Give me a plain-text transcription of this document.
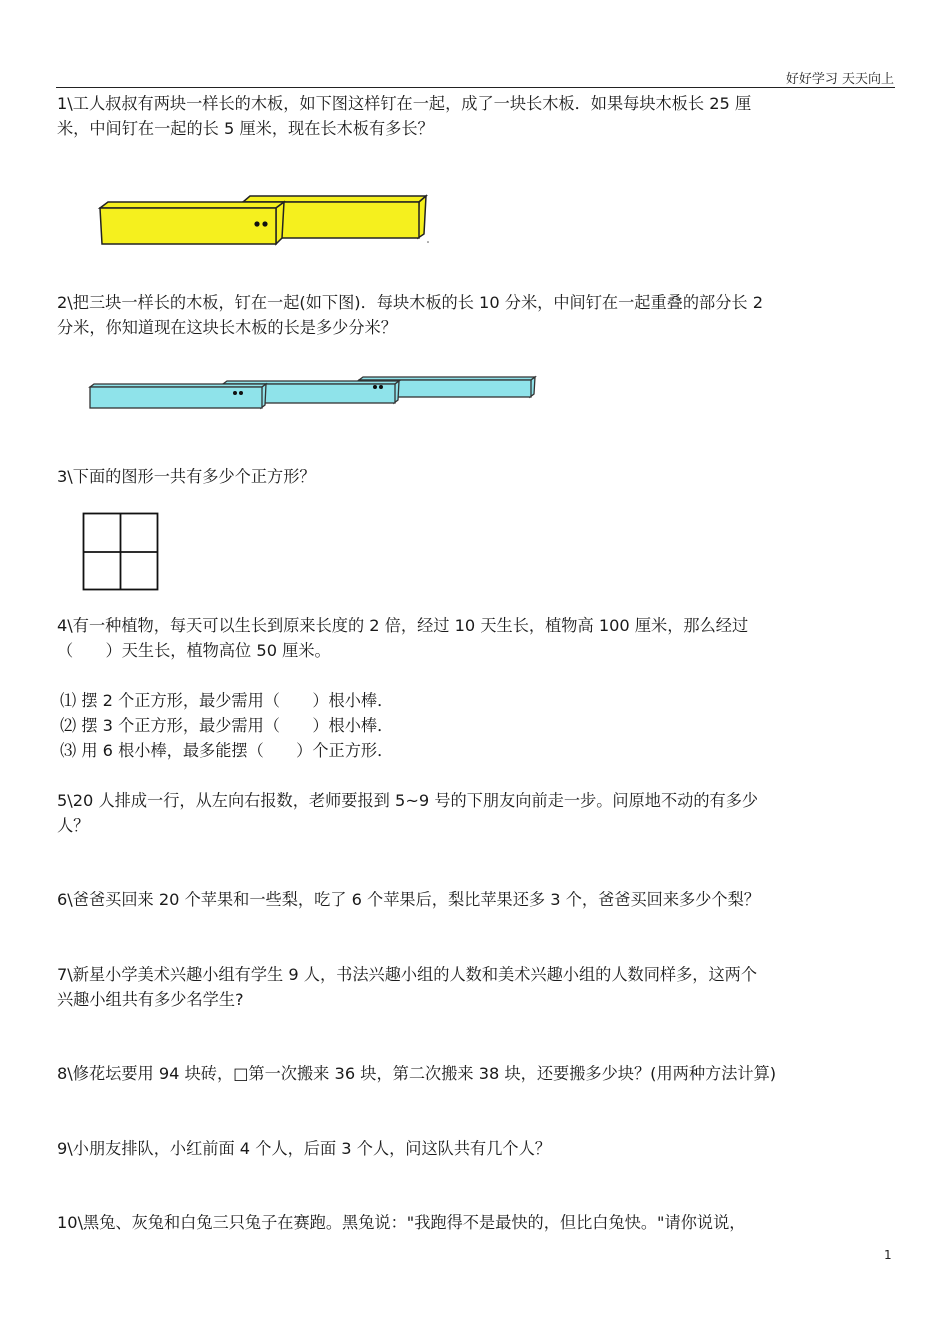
好好学习 天天向上
1\工人叔叔有两块一样长的木板，如下图这样钉在一起，成了一块长木板．如果每块木板长 25 厘
米，中间钉在一起的长 5 厘米，现在长木板有多长？
2\把三块一样长的木板，钉在一起(如下图)．每块木板的长 10 分米，中间钉在一起重叠的部分长 2
分米，你知道现在这块长木板的长是多少分米？
3\下面的图形一共有多少个正方形？
4\有一种植物，每天可以生长到原来长度的 2 倍，经过 10 天生长，植物高 100 厘米，那么经过
（　　）天生长，植物高位 50 厘米。
⑴ 摆 2 个正方形，最少需用（　　）根小棒．
⑵ 摆 3 个正方形，最少需用（　　）根小棒．
⑶ 用 6 根小棒，最多能摆（　　）个正方形．
5\20 人排成一行，从左向右报数，老师要报到 5~9 号的下朋友向前走一步。问原地不动的有多少
人？
6\爸爸买回来 20 个苹果和一些梨，吃了 6 个苹果后，梨比苹果还多 3 个，爸爸买回来多少个梨？
7\新星小学美术兴趣小组有学生 9 人，书法兴趣小组的人数和美术兴趣小组的人数同样多，这两个
兴趣小组共有多少名学生?
8\修花坛要用 94 块砖，□第一次搬来 36 块，第二次搬来 38 块，还要搬多少块？(用两种方法计算)
9\小朋友排队，小红前面 4 个人，后面 3 个人，问这队共有几个人？
10\黑兔、灰兔和白兔三只兔子在赛跑。黑兔说："我跑得不是最快的，但比白兔快。"请你说说，
1
